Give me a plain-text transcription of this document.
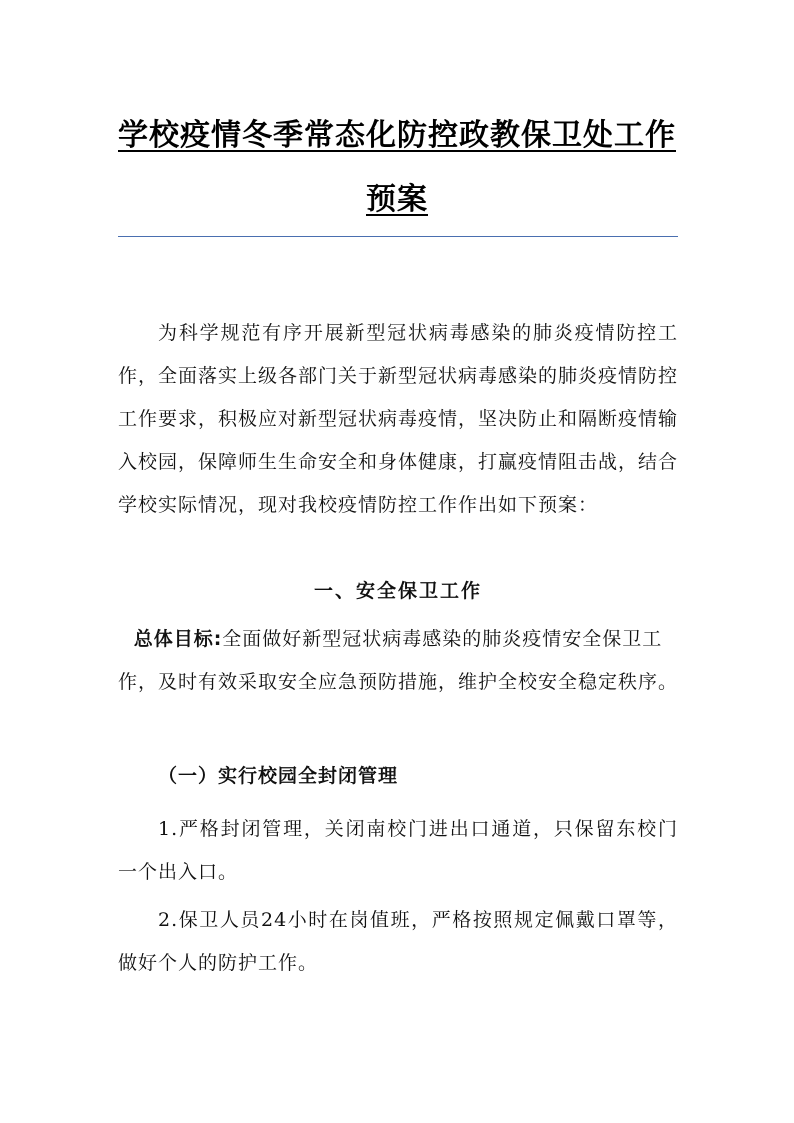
学校疫情冬季常态化防控政教保卫处工作
预案
为科学规范有序开展新型冠状病毒感染的肺炎疫情防控工作，全面落实上级各部门关于新型冠状病毒感染的肺炎疫情防控工作要求，积极应对新型冠状病毒疫情，坚决防止和隔断疫情输入校园，保障师生生命安全和身体健康，打赢疫情阻击战，结合学校实际情况，现对我校疫情防控工作作出如下预案：
一、安全保卫工作
总体目标:全面做好新型冠状病毒感染的肺炎疫情安全保卫工作，及时有效采取安全应急预防措施，维护全校安全稳定秩序。
（一）实行校园全封闭管理
1.严格封闭管理，关闭南校门进出口通道，只保留东校门一个出入口。
2.保卫人员24小时在岗值班，严格按照规定佩戴口罩等，做好个人的防护工作。
